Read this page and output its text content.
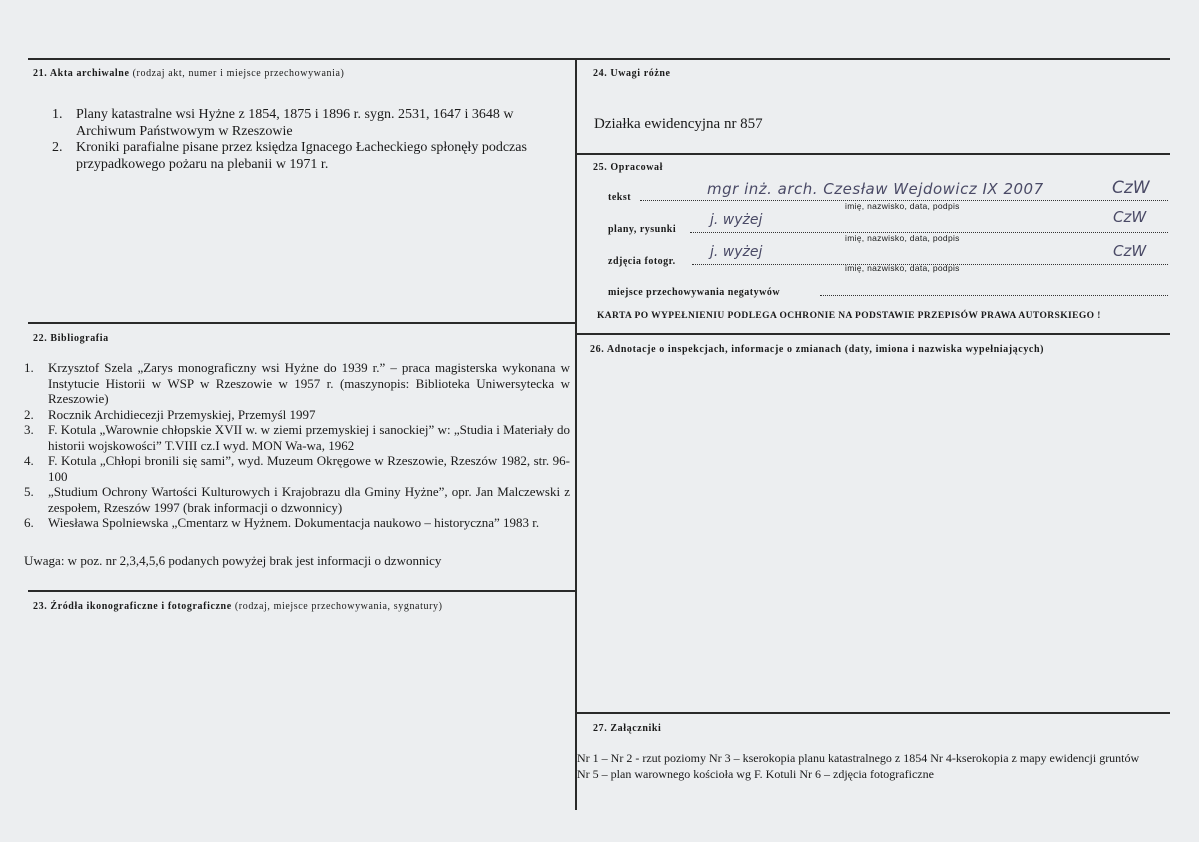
21. Akta archiwalne (rodzaj akt, numer i miejsce przechowywania)
1. Plany katastralne wsi Hyżne z 1854, 1875 i 1896 r. sygn. 2531, 1647 i 3648 w Archiwum Państwowym w Rzeszowie
2. Kroniki parafialne pisane przez księdza Ignacego Łacheckiego spłonęły podczas przypadkowego pożaru na plebanii w 1971 r.
22. Bibliografia
1. Krzysztof Szela „Zarys monograficzny wsi Hyżne do 1939 r.” – praca magisterska wykonana w Instytucie Historii w WSP w Rzeszowie w 1957 r. (maszynopis: Biblioteka Uniwersytecka w Rzeszowie)
2. Rocznik Archidiecezji Przemyskiej, Przemyśl 1997
3. F. Kotula „Warownie chłopskie XVII w. w ziemi przemyskiej i sanockiej” w: „Studia i Materiały do historii wojskowości” T.VIII cz.I wyd. MON Wa-wa, 1962
4. F. Kotula „Chłopi bronili się sami”, wyd. Muzeum Okręgowe w Rzeszowie, Rzeszów 1982, str. 96-100
5. „Studium Ochrony Wartości Kulturowych i Krajobrazu dla Gminy Hyżne”, opr. Jan Malczewski z zespołem, Rzeszów 1997 (brak informacji o dzwonnicy)
6. Wiesława Spolniewska „Cmentarz w Hyżnem. Dokumentacja naukowo – historyczna” 1983 r.
Uwaga: w poz. nr 2,3,4,5,6 podanych powyżej brak jest informacji o dzwonnicy
23. Źródła ikonograficzne i fotograficzne (rodzaj, miejsce przechowywania, sygnatury)
24. Uwagi różne
Działka ewidencyjna nr 857
25. Opracował
tekst	mgr inż. arch. Czesław Wejdowicz IX 2007	CzW
imię, nazwisko, data, podpis
plany, rysunki
j. wyżej	CzW
imię, nazwisko, data, podpis
zdjęcia fotogr.
j. wyżej	CzW
imię, nazwisko, data, podpis
miejsce przechowywania negatywów
KARTA PO WYPEŁNIENIU PODLEGA OCHRONIE NA PODSTAWIE PRZEPISÓW PRAWA AUTORSKIEGO !
26. Adnotacje o inspekcjach, informacje o zmianach (daty, imiona i nazwiska wypełniających)
27. Załączniki
Nr 1 – Nr 2 - rzut poziomy Nr 3 – kserokopia planu katastralnego z 1854 Nr 4-kserokopia z mapy ewidencji gruntów Nr 5 – plan warownego kościoła wg F. Kotuli Nr 6 – zdjęcia fotograficzne
